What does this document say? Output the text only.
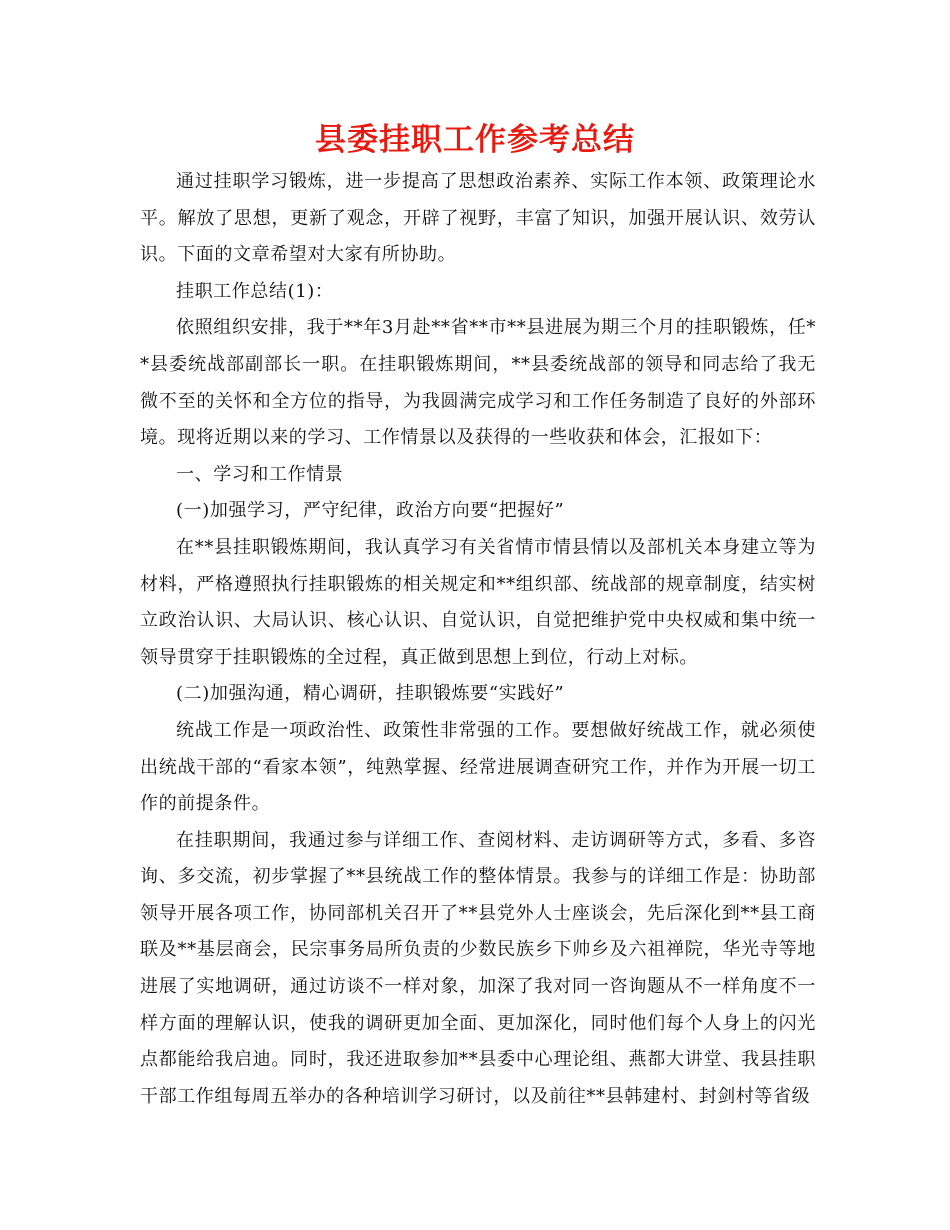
县委挂职工作参考总结

通过挂职学习锻炼，进一步提高了思想政治素养、实际工作本领、政策理论水平。解放了思想，更新了观念，开辟了视野，丰富了知识，加强开展认识、效劳认识。下面的文章希望对大家有所协助。

挂职工作总结(1)：

依照组织安排，我于**年3月赴**省**市**县进展为期三个月的挂职锻炼，任**县委统战部副部长一职。在挂职锻炼期间，**县委统战部的领导和同志给了我无微不至的关怀和全方位的指导，为我圆满完成学习和工作任务制造了良好的外部环境。现将近期以来的学习、工作情景以及获得的一些收获和体会，汇报如下：

一、学习和工作情景

(一)加强学习，严守纪律，政治方向要“把握好”

在**县挂职锻炼期间，我认真学习有关省情市情县情以及部机关本身建立等为材料，严格遵照执行挂职锻炼的相关规定和**组织部、统战部的规章制度，结实树立政治认识、大局认识、核心认识、自觉认识，自觉把维护党中央权威和集中统一领导贯穿于挂职锻炼的全过程，真正做到思想上到位，行动上对标。

(二)加强沟通，精心调研，挂职锻炼要“实践好”

统战工作是一项政治性、政策性非常强的工作。要想做好统战工作，就必须使出统战干部的“看家本领”，纯熟掌握、经常进展调查研究工作，并作为开展一切工作的前提条件。

在挂职期间，我通过参与详细工作、查阅材料、走访调研等方式，多看、多咨询、多交流，初步掌握了**县统战工作的整体情景。我参与的详细工作是：协助部领导开展各项工作，协同部机关召开了**县党外人士座谈会，先后深化到**县工商联及**基层商会，民宗事务局所负责的少数民族乡下帅乡及六祖禅院，华光寺等地进展了实地调研，通过访谈不一样对象，加深了我对同一咨询题从不一样角度不一样方面的理解认识，使我的调研更加全面、更加深化，同时他们每个人身上的闪光点都能给我启迪。同时，我还进取参加**县委中心理论组、燕都大讲堂、我县挂职干部工作组每周五举办的各种培训学习研讨，以及前往**县韩建村、封剑村等省级
